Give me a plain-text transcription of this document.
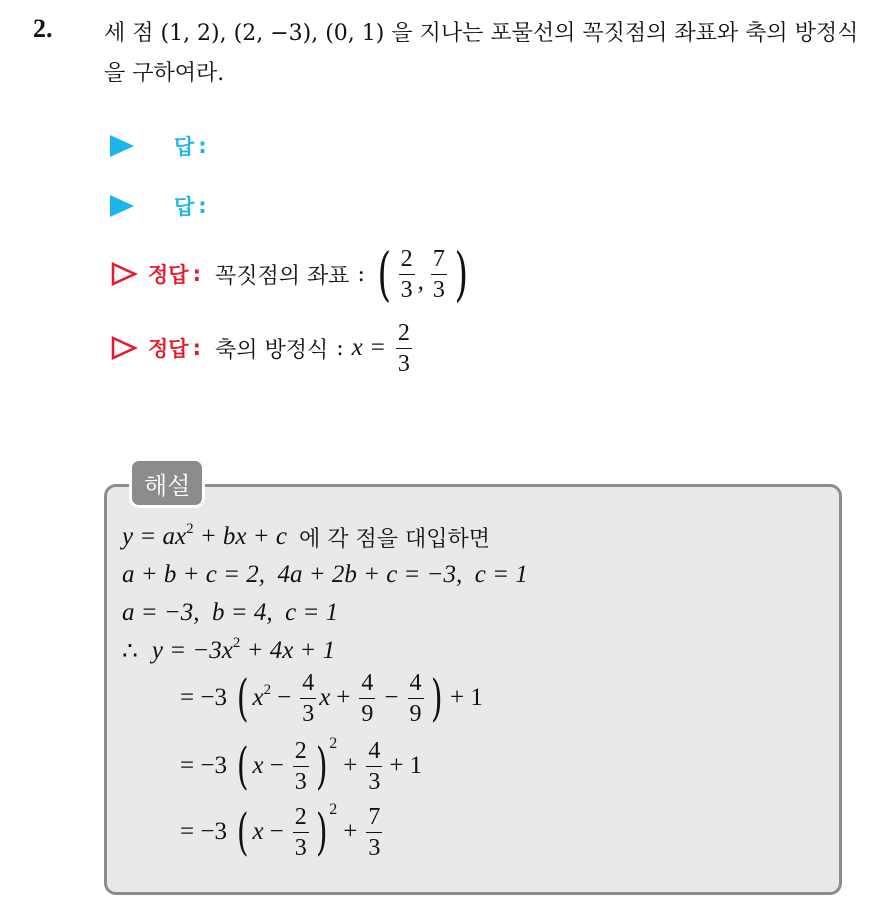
2. 세 점 (1, 2), (2, −3), (0, 1) 을 지나는 포물선의 꼭짓점의 좌표와 축의 방정식을 구하여라.
답 :
답 :
정답 : 꼭짓점의 좌표 : ( $\frac{2}{3}$ , $\frac{7}{3}$ )
정답 : 축의 방정식 : $x = \frac{2}{3}$
해설
$y = ax^2$ + bx + c 에 각 점을 대입하면
a + b + c = 2,  4a + 2b + c = −3,  c = 1
a = −3,  b = 4,  c = 1
∴ $y = -3x^2 + 4x + 1$
= −3 ( $x^2 - \frac{4}{3}$ $x + \frac{4}{9} - \frac{4}{9}$ ) + 1
= −3 ( $x - \frac{2}{3}$ ) 2
+ $\frac{4}{3} + 1$
= −3 ( $x - \frac{2}{3}$ ) 2
+ $\frac{7}{3}$
